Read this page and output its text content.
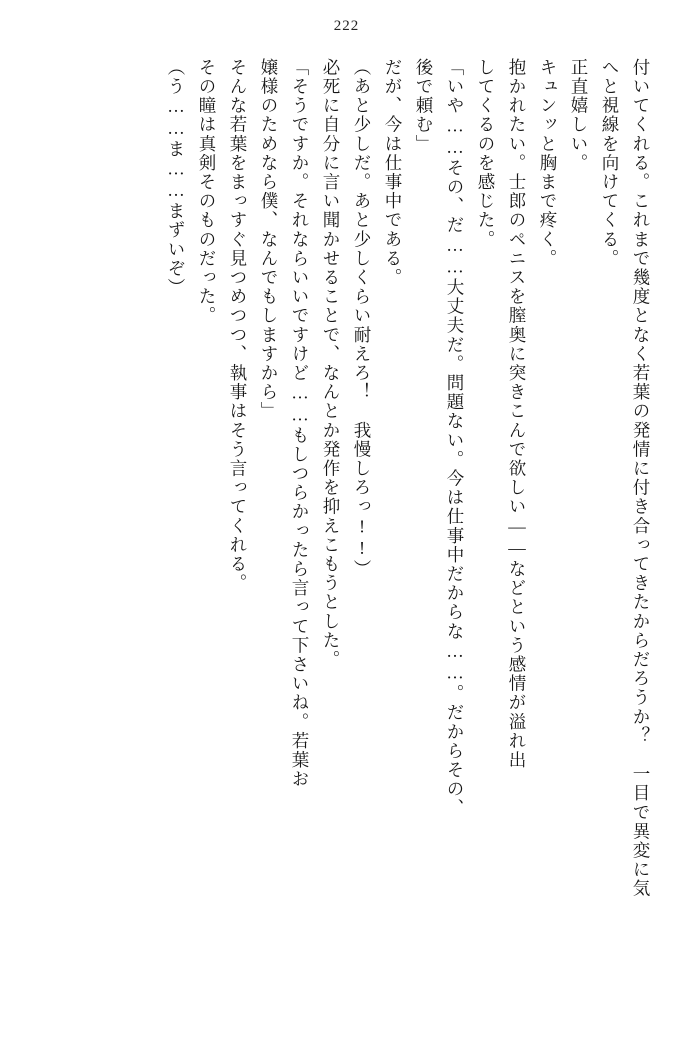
222
付いてくれる。これまで幾度となく若葉の発情に付き合ってきたからだろうか？　一目で異変に気
へと視線を向けてくる。
正直嬉しい。
キュンッと胸まで疼く。
抱かれたい。士郎のペニスを膣奥に突きこんで欲しい——などという感情が溢れ出
してくるのを感じた。
「いや……その、だ……大丈夫だ。問題ない。今は仕事中だからな……。だからその、
後で頼む」
だが、今は仕事中である。
（あと少しだ。あと少しくらい耐えろ！　我慢しろっ!!）
必死に自分に言い聞かせることで、なんとか発作を抑えこもうとした。
「そうですか。それならいいですけど……もしつらかったら言って下さいね。若葉お
嬢様のためなら僕、なんでもしますから」
そんな若葉をまっすぐ見つめつつ、執事はそう言ってくれる。
その瞳は真剣そのものだった。
（う……ま……まずいぞ）
